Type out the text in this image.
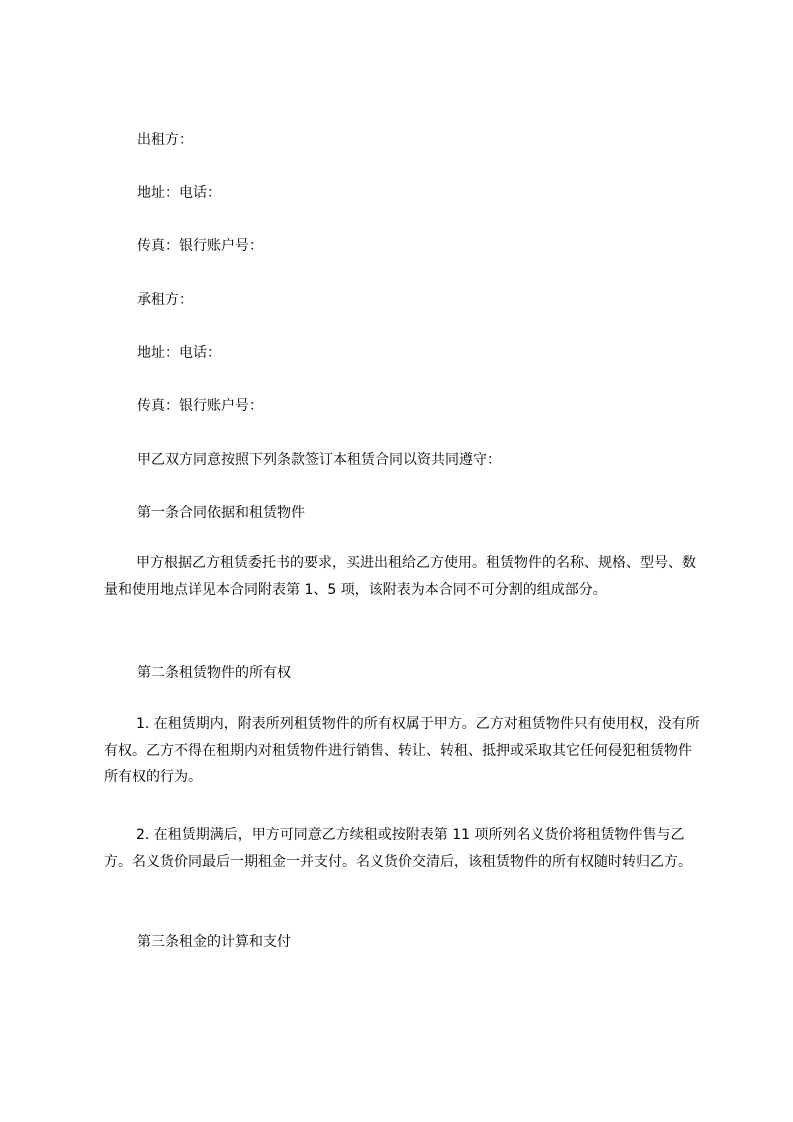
出租方：
地址：电话：
传真：银行账户号：
承租方：
地址：电话：
传真：银行账户号：
甲乙双方同意按照下列条款签订本租赁合同以资共同遵守：
第一条合同依据和租赁物件
甲方根据乙方租赁委托书的要求，买进出租给乙方使用。租赁物件的名称、规格、型号、数量和使用地点详见本合同附表第 1、5 项，该附表为本合同不可分割的组成部分。
第二条租赁物件的所有权
1. 在租赁期内，附表所列租赁物件的所有权属于甲方。乙方对租赁物件只有使用权，没有所有权。乙方不得在租期内对租赁物件进行销售、转让、转租、抵押或采取其它任何侵犯租赁物件所有权的行为。
2. 在租赁期满后，甲方可同意乙方续租或按附表第 11 项所列名义货价将租赁物件售与乙方。名义货价同最后一期租金一并支付。名义货价交清后，该租赁物件的所有权随时转归乙方。
第三条租金的计算和支付
